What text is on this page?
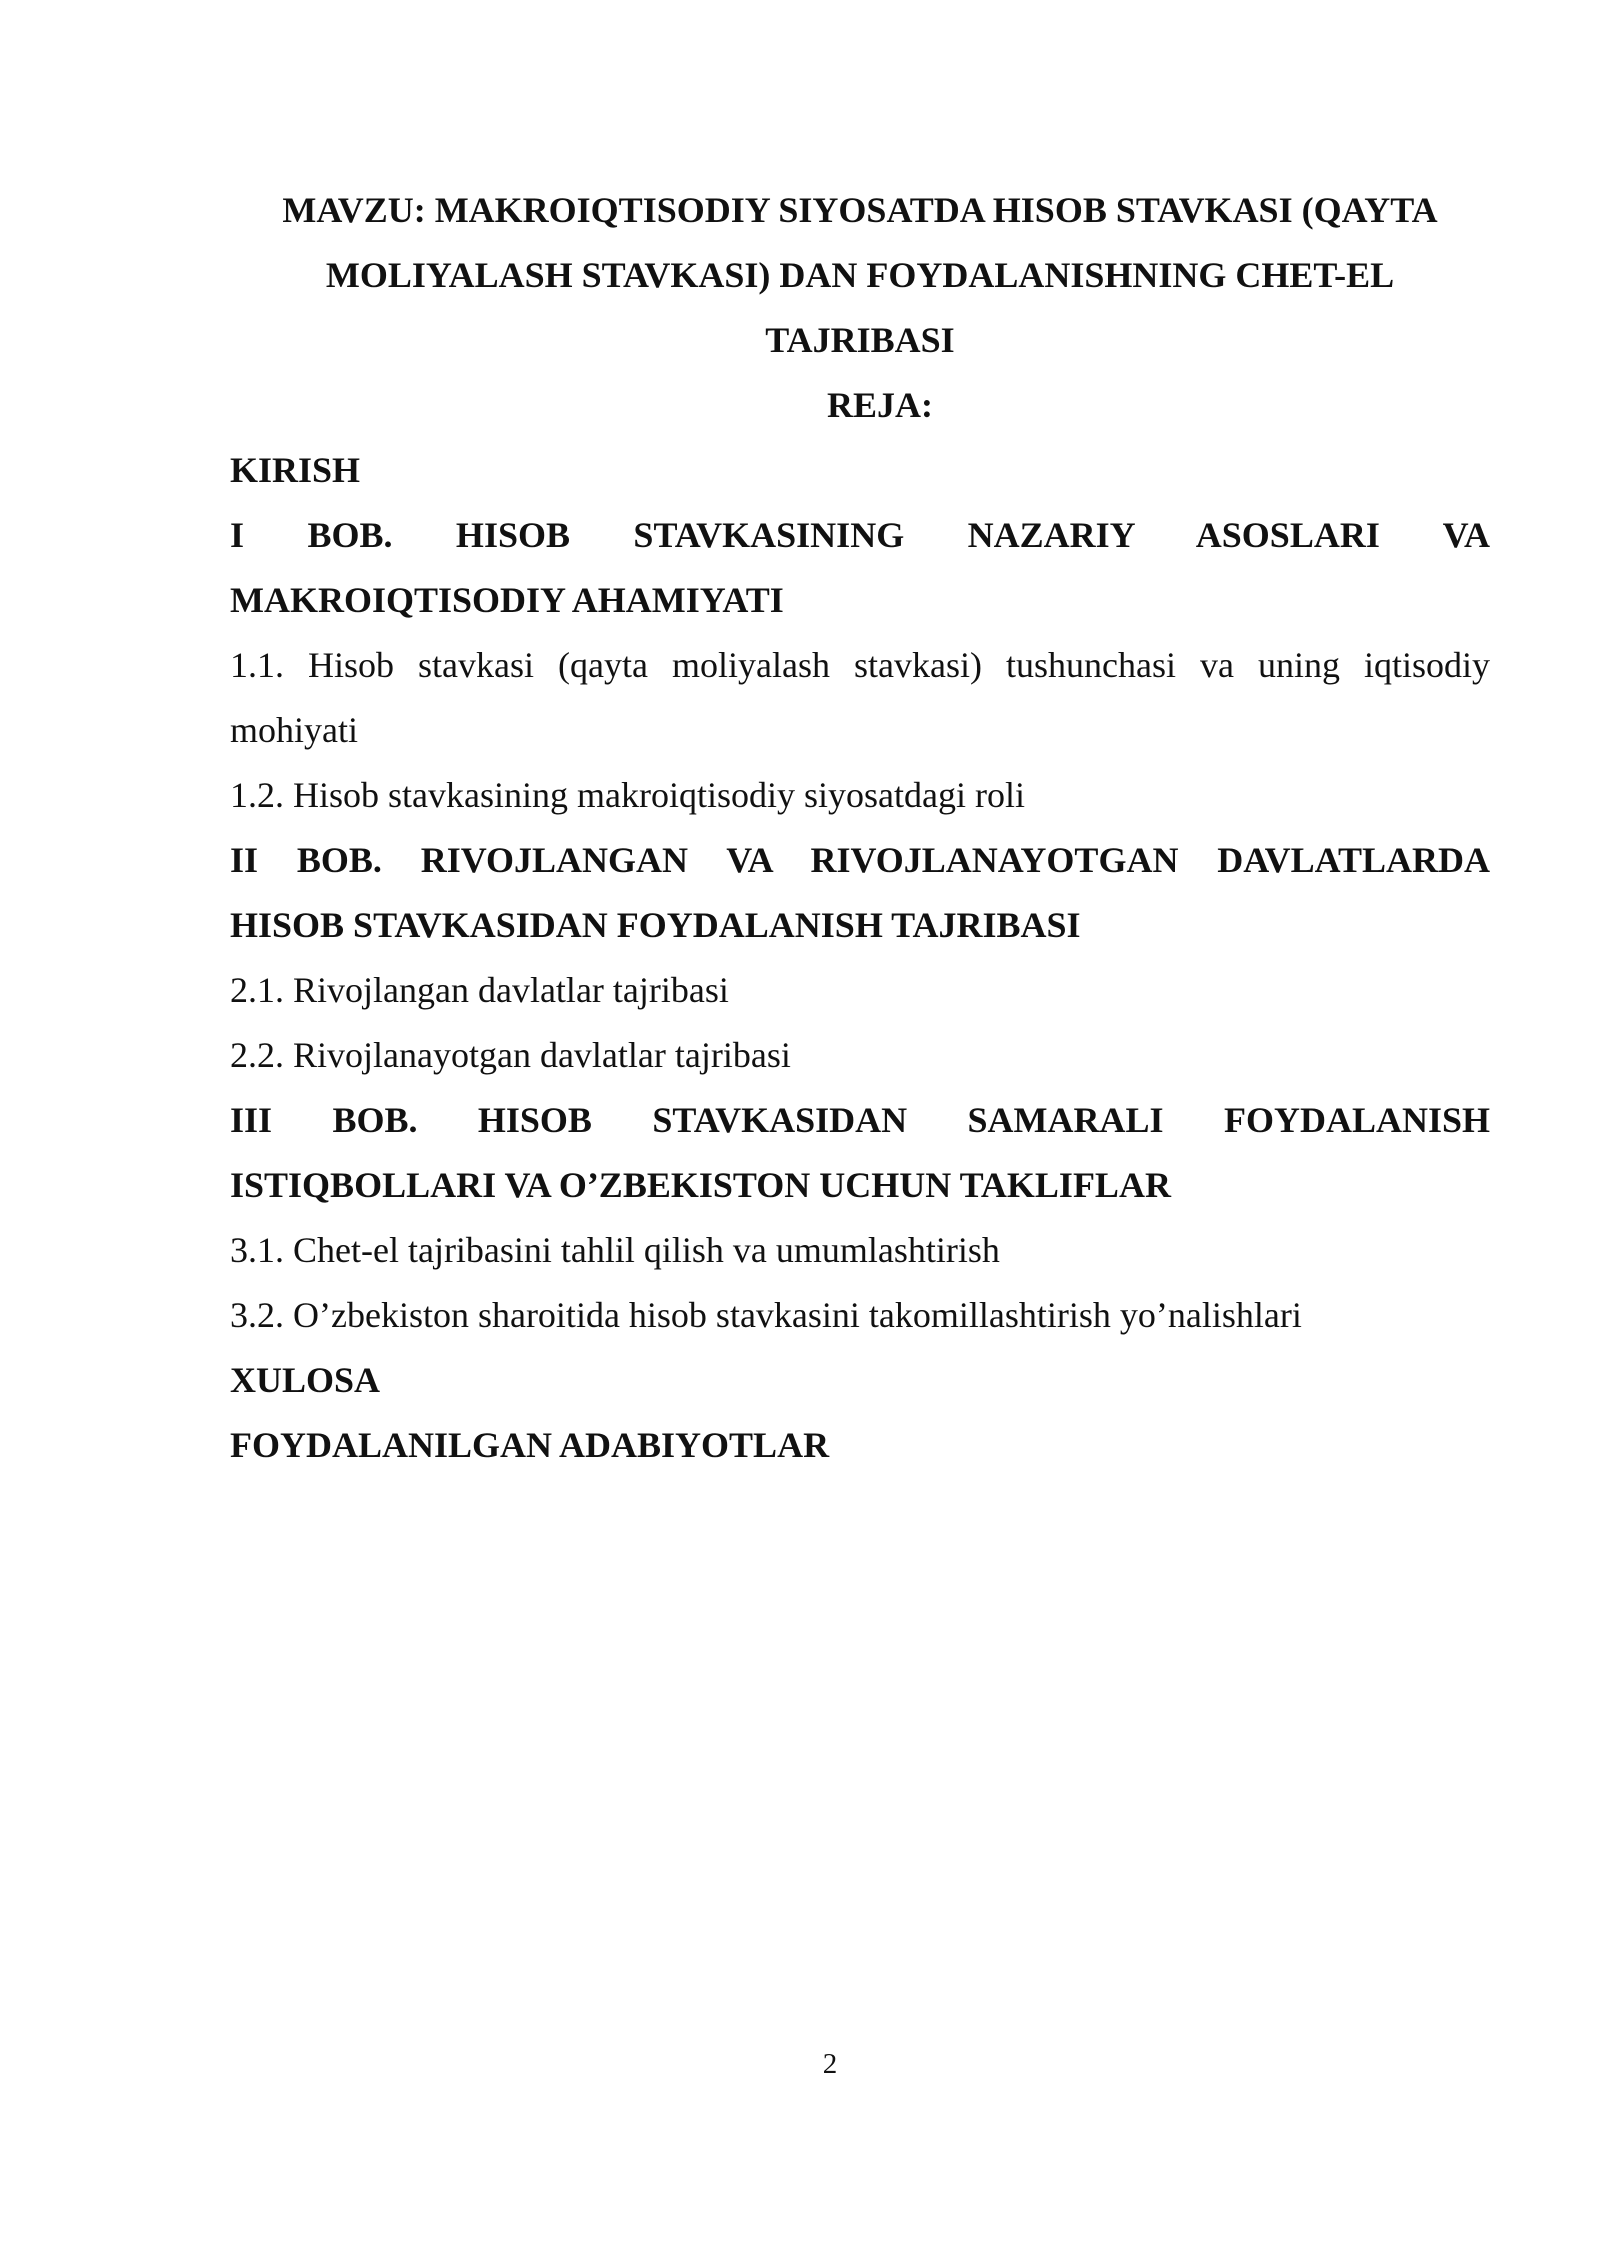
MAVZU: MAKROIQTISODIY SIYOSATDA HISOB STAVKASI (QAYTA
MOLIYALASH STAVKASI) DAN FOYDALANISHNING CHET-EL
TAJRIBASI
REJA:
KIRISH
I BOB. HISOB STAVKASINING NAZARIY ASOSLARI VA
MAKROIQTISODIY AHAMIYATI
1.1. Hisob stavkasi (qayta moliyalash stavkasi) tushunchasi va uning iqtisodiy
mohiyati
1.2. Hisob stavkasining makroiqtisodiy siyosatdagi roli
II BOB. RIVOJLANGAN VA RIVOJLANAYOTGAN DAVLATLARDA
HISOB STAVKASIDAN FOYDALANISH TAJRIBASI
2.1. Rivojlangan davlatlar tajribasi
2.2. Rivojlanayotgan davlatlar tajribasi
III BOB. HISOB STAVKASIDAN SAMARALI FOYDALANISH
ISTIQBOLLARI VA O’ZBEKISTON UCHUN TAKLIFLAR
3.1. Chet-el tajribasini tahlil qilish va umumlashtirish
3.2. O’zbekiston sharoitida hisob stavkasini takomillashtirish yo’nalishlari
XULOSA
FOYDALANILGAN ADABIYOTLAR
2
